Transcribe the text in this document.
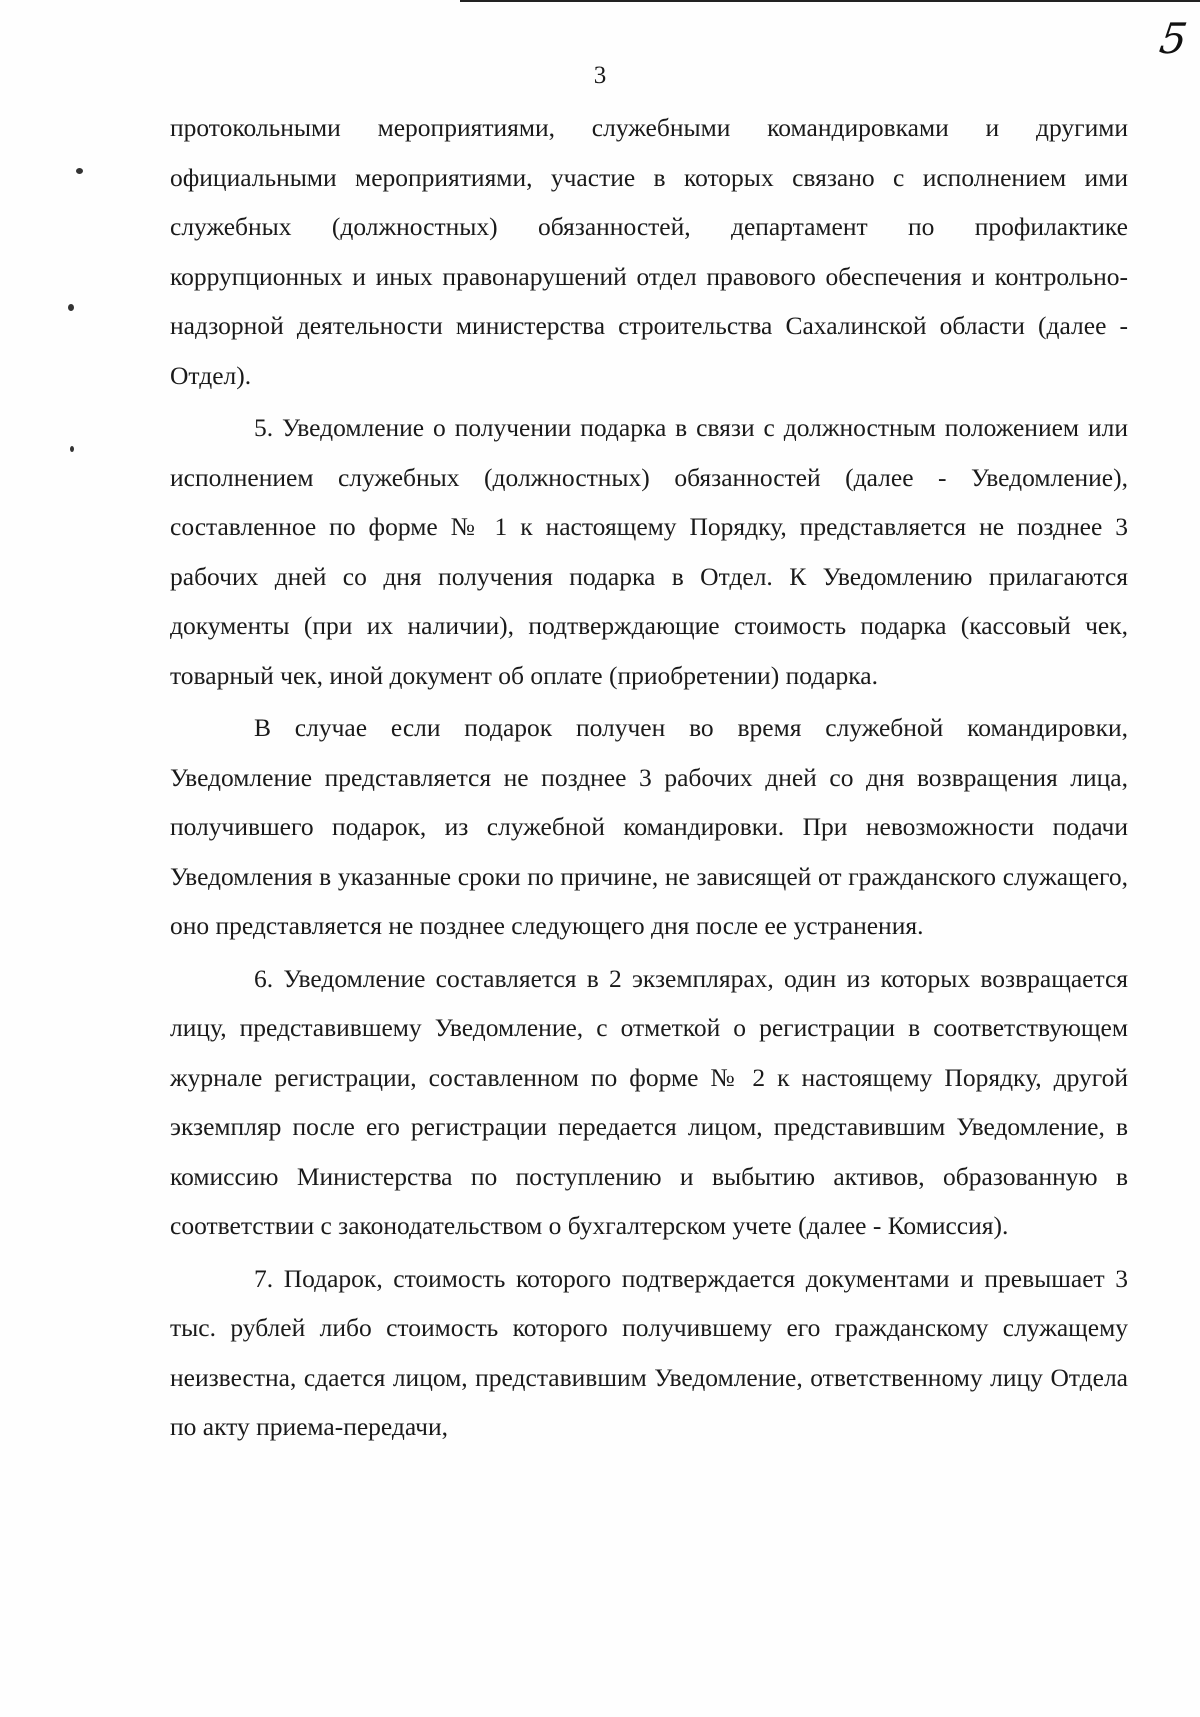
5
3

протокольными мероприятиями, служебными командировками и другими официальными мероприятиями, участие в которых связано с исполнением ими служебных (должностных) обязанностей, департамент по профилактике коррупционных и иных правонарушений отдел правового обеспечения и контрольно-надзорной деятельности министерства строительства Сахалинской области (далее - Отдел).

5. Уведомление о получении подарка в связи с должностным положением или исполнением служебных (должностных) обязанностей (далее - Уведомление), составленное по форме № 1 к настоящему Порядку, представляется не позднее 3 рабочих дней со дня получения подарка в Отдел. К Уведомлению прилагаются документы (при их наличии), подтверждающие стоимость подарка (кассовый чек, товарный чек, иной документ об оплате (приобретении) подарка.

В случае если подарок получен во время служебной командировки, Уведомление представляется не позднее 3 рабочих дней со дня возвращения лица, получившего подарок, из служебной командировки. При невозможности подачи Уведомления в указанные сроки по причине, не зависящей от гражданского служащего, оно представляется не позднее следующего дня после ее устранения.

6. Уведомление составляется в 2 экземплярах, один из которых возвращается лицу, представившему Уведомление, с отметкой о регистрации в соответствующем журнале регистрации, составленном по форме № 2 к настоящему Порядку, другой экземпляр после его регистрации передается лицом, представившим Уведомление, в комиссию Министерства по поступлению и выбытию активов, образованную в соответствии с законодательством о бухгалтерском учете (далее - Комиссия).

7. Подарок, стоимость которого подтверждается документами и превышает 3 тыс. рублей либо стоимость которого получившему его гражданскому служащему неизвестна, сдается лицом, представившим Уведомление, ответственному лицу Отдела по акту приема-передачи,
